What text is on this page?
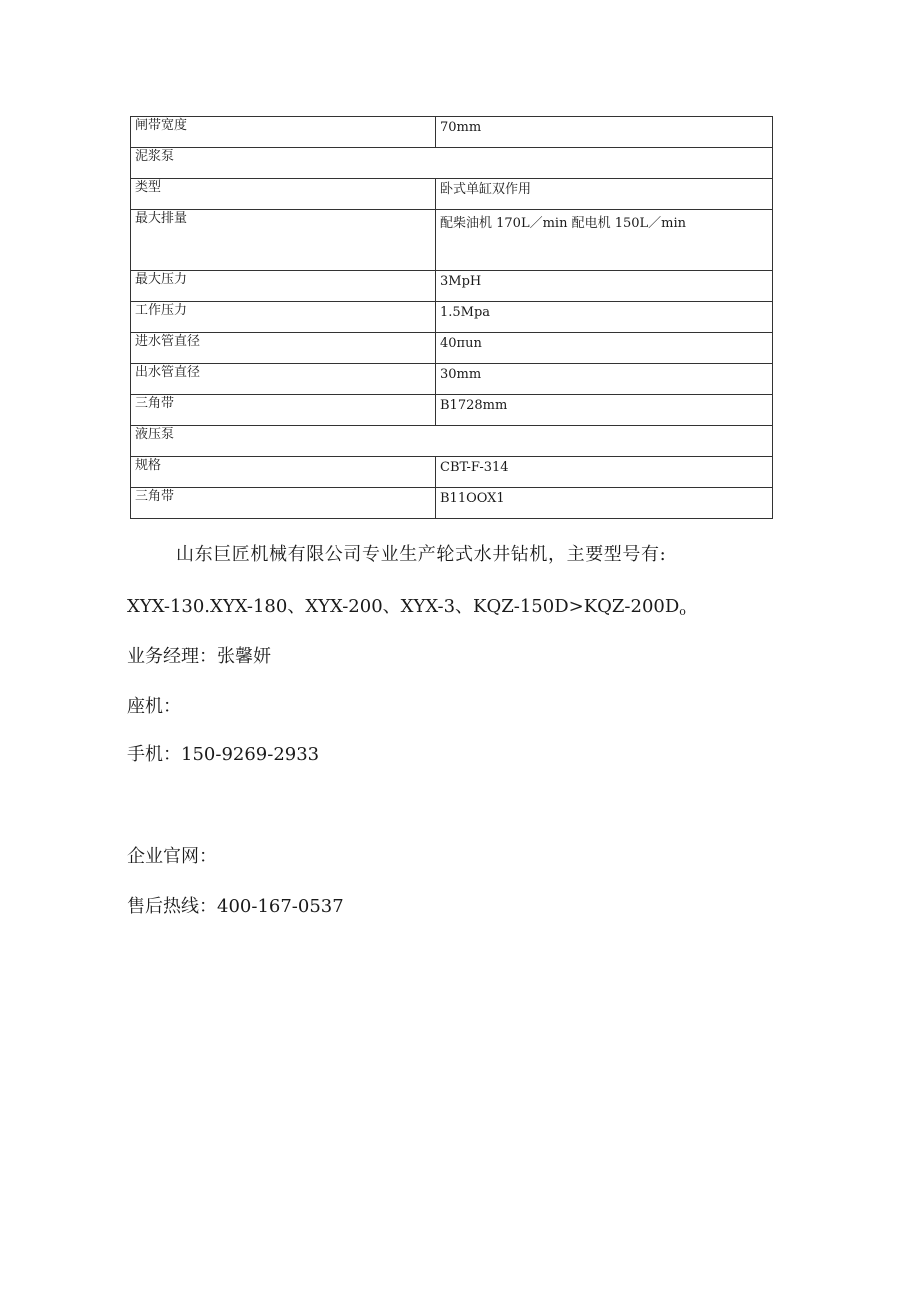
闸带宽度	70mm
泥浆泵	
类型	卧式单缸双作用
最大排量	配柴油机 170L／min 配电机 150L／min
最大压力	3MpH
工作压力	1.5Mpa
进水管直径	40πun
出水管直径	30mm
三角带	B1728mm
液压泵	
规格	CBT-F-314
三角带	B11OOX1

山东巨匠机械有限公司专业生产轮式水井钻机，主要型号有:

XYX-130.XYX-180、XYX-200、XYX-3、KQZ-$150D>KQZ-200D_o$

业务经理：张馨妍

座机：

手机：150-9269-2933

企业官网：

售后热线：400-167-0537
